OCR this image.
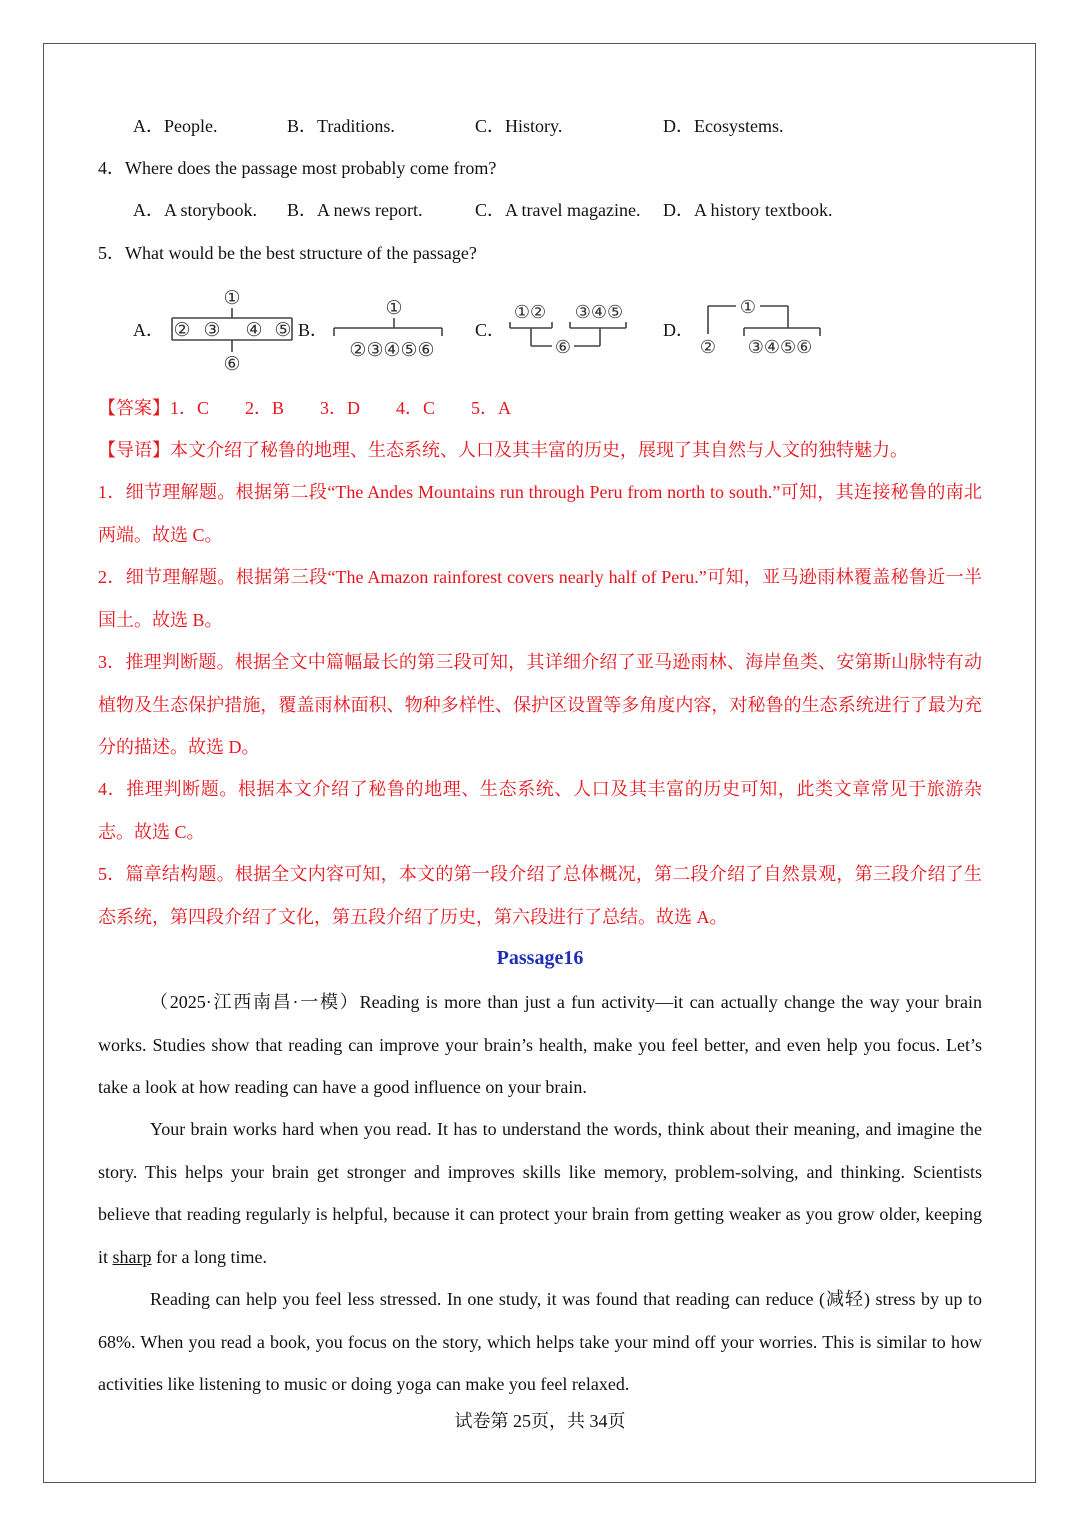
A．People.	B．Traditions.	C．History.	D．Ecosystems.
4．Where does the passage most probably come from?
A．A storybook. B．A news report.	C．A travel magazine. D．A history textbook.
5．What would be the best structure of the passage?
A．	B．	C．	D．
①
② ③ ④ ⑤
⑥
①
②③④⑤⑥
①② ③④⑤
⑥
①
② ③④⑤⑥
【答案】1．C　　2．B　　3．D　　4．C　　5．A
【导语】本文介绍了秘鲁的地理、生态系统、人口及其丰富的历史，展现了其自然与人文的独特魅力。
1．细节理解题。根据第二段“The Andes Mountains run through Peru from north to south.”可知，其连接秘鲁的南北两端。故选 C。
2．细节理解题。根据第三段“The Amazon rainforest covers nearly half of Peru.”可知，亚马逊雨林覆盖秘鲁近一半国土。故选 B。
3．推理判断题。根据全文中篇幅最长的第三段可知，其详细介绍了亚马逊雨林、海岸鱼类、安第斯山脉特有动植物及生态保护措施，覆盖雨林面积、物种多样性、保护区设置等多角度内容，对秘鲁的生态系统进行了最为充分的描述。故选 D。
4．推理判断题。根据本文介绍了秘鲁的地理、生态系统、人口及其丰富的历史可知，此类文章常见于旅游杂志。故选 C。
5．篇章结构题。根据全文内容可知，本文的第一段介绍了总体概况，第二段介绍了自然景观，第三段介绍了生态系统，第四段介绍了文化，第五段介绍了历史，第六段进行了总结。故选 A。
Passage16
（2025·江西南昌·一模）Reading is more than just a fun activity—it can actually change the way your brain works. Studies show that reading can improve your brain’s health, make you feel better, and even help you focus. Let’s take a look at how reading can have a good influence on your brain.
Your brain works hard when you read. It has to understand the words, think about their meaning, and imagine the story. This helps your brain get stronger and improves skills like memory, problem-solving, and thinking. Scientists believe that reading regularly is helpful, because it can protect your brain from getting weaker as you grow older, keeping it sharp for a long time.
Reading can help you feel less stressed. In one study, it was found that reading can reduce (减轻) stress by up to 68%. When you read a book, you focus on the story, which helps take your mind off your worries. This is similar to how activities like listening to music or doing yoga can make you feel relaxed.
试卷第 25页，共 34页
